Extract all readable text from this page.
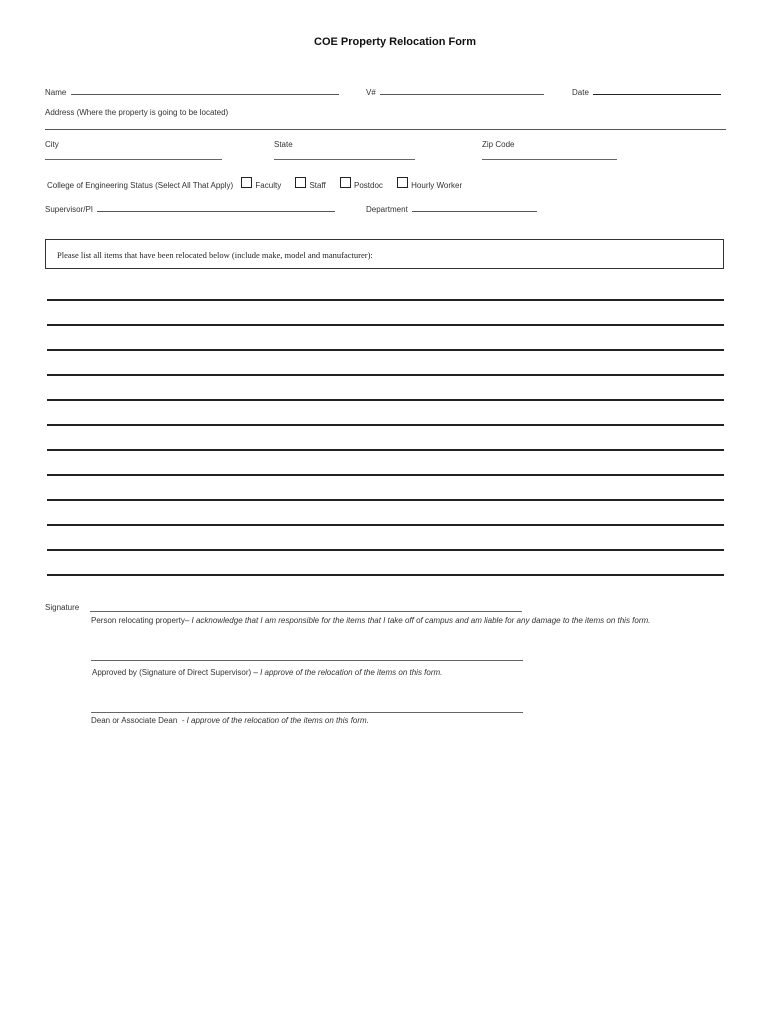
COE Property Relocation Form
Name	V#	Date
Address (Where the property is going to be located)
City	State	Zip Code
College of Engineering Status (Select All That Apply)	Faculty	Staff	Postdoc	Hourly Worker
Supervisor/PI	Department
Please list all items that have been relocated below (include make, model and manufacturer):
Signature
Person relocating property– I acknowledge that I am responsible for the items that I take off of campus and am liable for any damage to the items on this form.
Approved by (Signature of Direct Supervisor) – I approve of the relocation of the items on this form.
Dean or Associate Dean  - I approve of the relocation of the items on this form.
